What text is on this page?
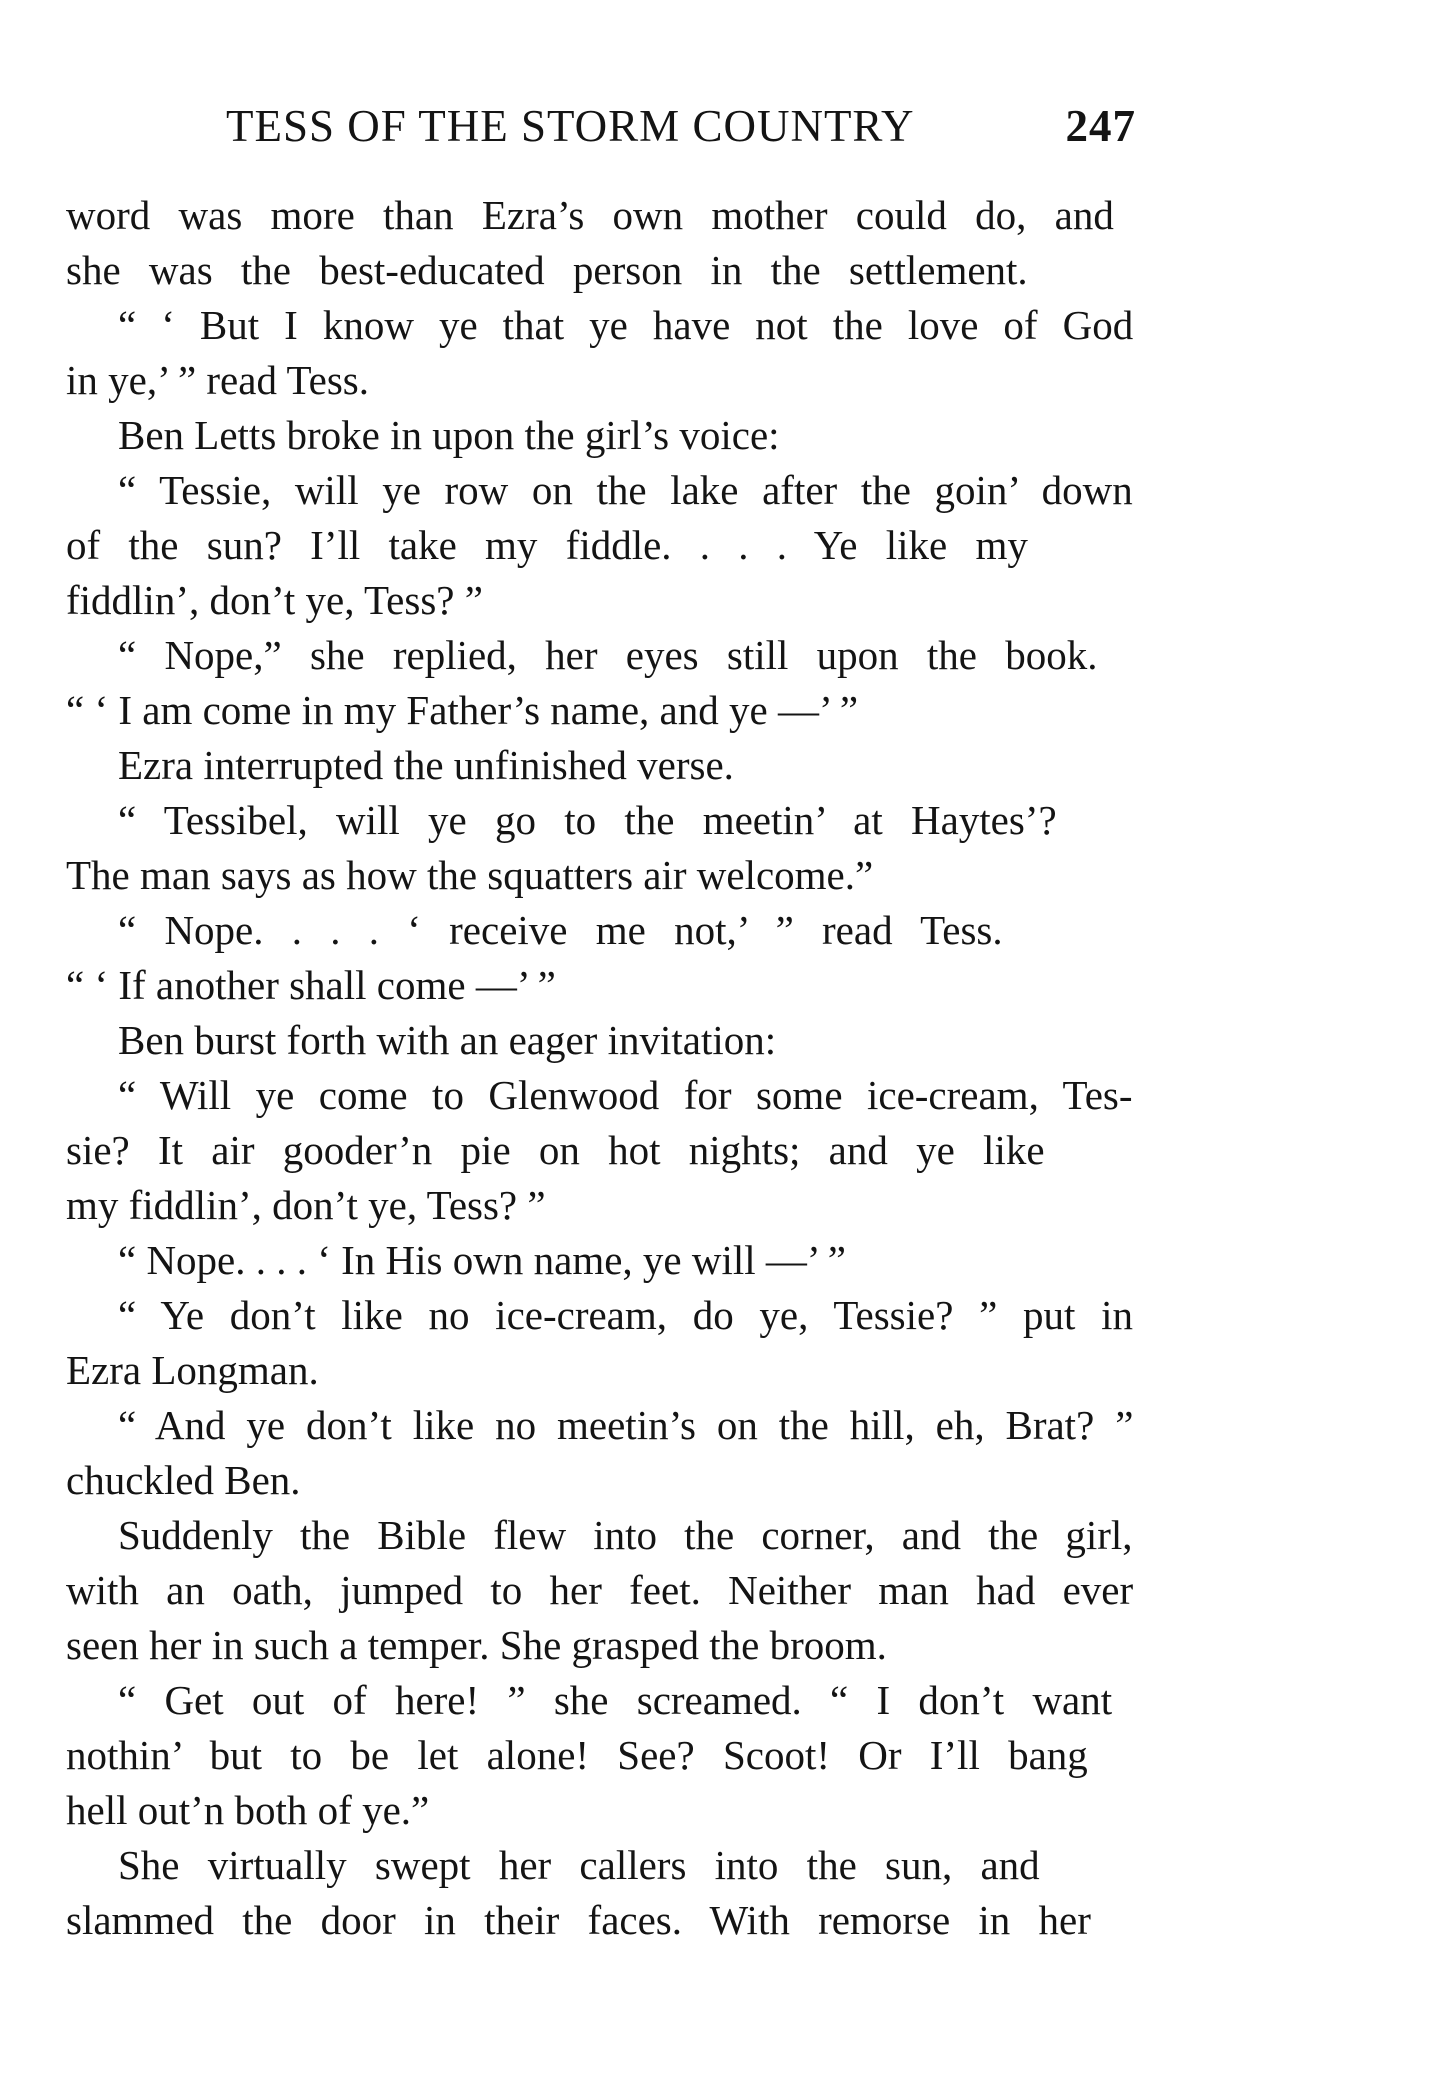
TESS OF THE STORM COUNTRY	247
word was more than Ezra’s own mother could do, and
she was the best-educated person in the settlement.
“ ‘ But I know ye that ye have not the love of God
in ye,’ ” read Tess.
Ben Letts broke in upon the girl’s voice:
“ Tessie, will ye row on the lake after the goin’ down
of the sun? I’ll take my fiddle. . . . Ye like my
fiddlin’, don’t ye, Tess? ”
“ Nope,” she replied, her eyes still upon the book.
“ ‘ I am come in my Father’s name, and ye —’ ”
Ezra interrupted the unfinished verse.
“ Tessibel, will ye go to the meetin’ at Haytes’?
The man says as how the squatters air welcome.”
“ Nope. . . . ‘ receive me not,’ ” read Tess.
“ ‘ If another shall come —’ ”
Ben burst forth with an eager invitation:
“ Will ye come to Glenwood for some ice-cream, Tes-
sie? It air gooder’n pie on hot nights; and ye like
my fiddlin’, don’t ye, Tess? ”
“ Nope. . . . ‘ In His own name, ye will —’ ”
“ Ye don’t like no ice-cream, do ye, Tessie? ” put in
Ezra Longman.
“ And ye don’t like no meetin’s on the hill, eh, Brat? ”
chuckled Ben.
Suddenly the Bible flew into the corner, and the girl,
with an oath, jumped to her feet. Neither man had ever
seen her in such a temper. She grasped the broom.
“ Get out of here! ” she screamed. “ I don’t want
nothin’ but to be let alone! See? Scoot! Or I’ll bang
hell out’n both of ye.”
She virtually swept her callers into the sun, and
slammed the door in their faces. With remorse in her
